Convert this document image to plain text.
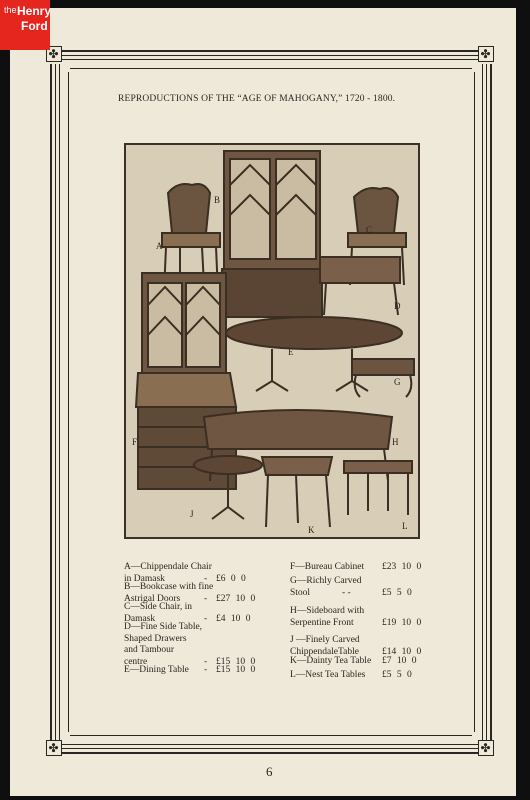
the Henry
Ford
✤
✤
✤
✤
REPRODUCTIONS OF THE “AGE OF MAHOGANY,” 1720 - 1800.
A
B
C
D
E
F
G
H
J
K	L
A—Chippendale Chair
in Damask	- £6 0 0
B—Bookcase with fine
Astrigal Doors	- £27 10 0
C—Side Chair, in
Damask	- £4 10 0
D—Fine Side Table,
Shaped Drawers
and Tambour
centre	- £15 10 0
E—Dining Table	- £15 10 0
F—Bureau Cabinet	£23 10 0
G—Richly Carved
Stool	- -	£5 5 0
H—Sideboard with
Serpentine Front	£19 10 0
J —Finely Carved
ChippendaleTable	£14 10 0
K—Dainty Tea Table	£7 10 0
L—Nest Tea Tables	£5 5 0
6
